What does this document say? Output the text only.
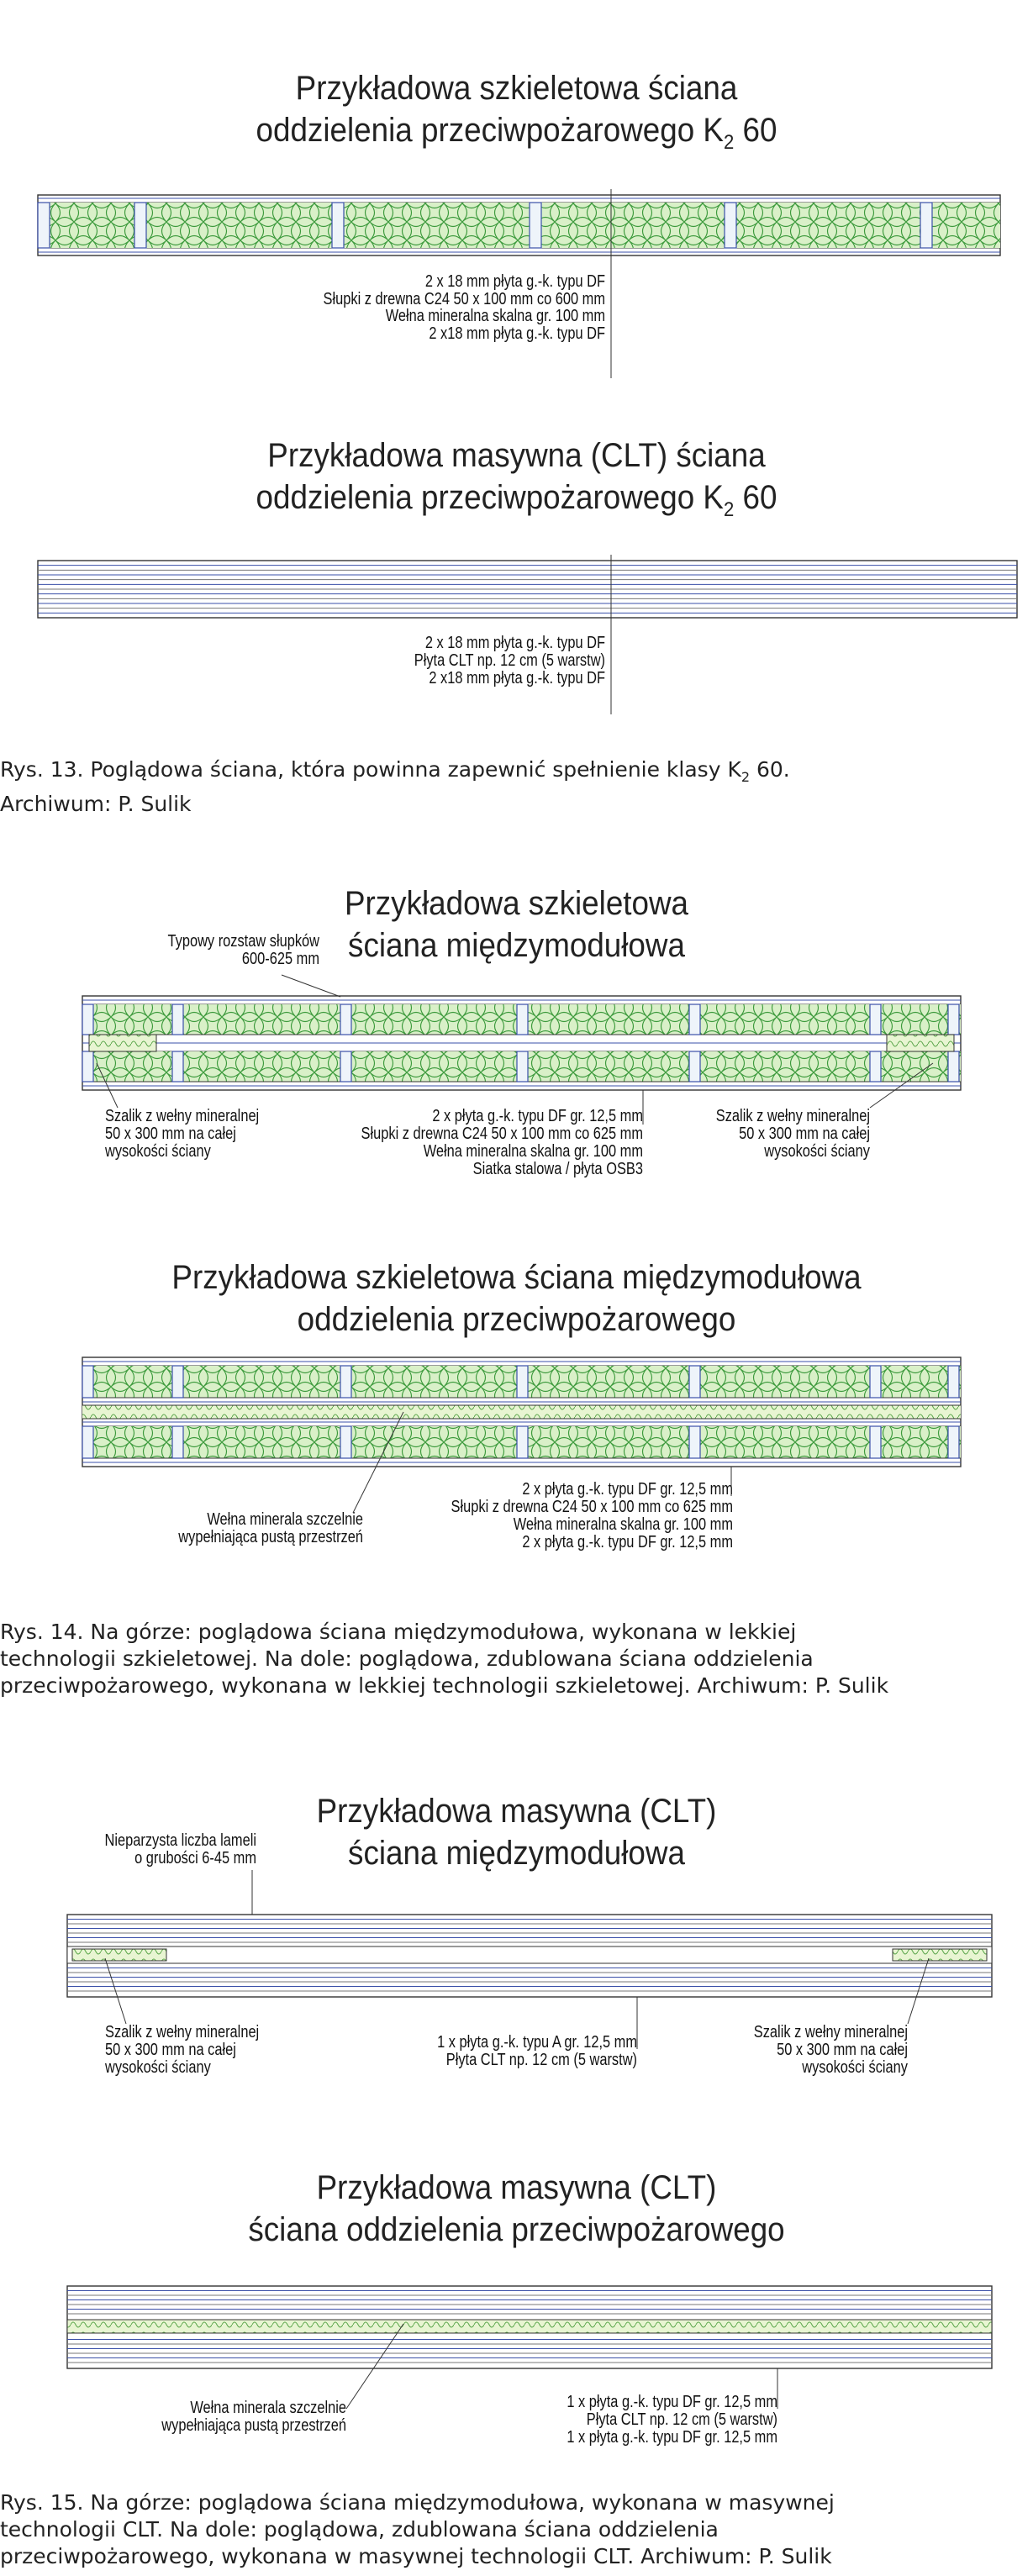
Przykładowa szkieletowa ściana
oddzielenia przeciwpożarowego $K_2$ 60
2 x 18 mm płyta g.-k. typu DF
Słupki z drewna C24 50 x 100 mm co 600 mm
Wełna mineralna skalna gr. 100 mm
2 x18 mm płyta g.-k. typu DF
Przykładowa masywna (CLT) ściana
oddzielenia przeciwpożarowego $K_2$ 60
2 x 18 mm płyta g.-k. typu DF
Płyta CLT np. 12 cm (5 warstw)
2 x18 mm płyta g.-k. typu DF
Rys. 13. Poglądowa ściana, która powinna zapewnić spełnienie klasy $K_2$ 60.
Archiwum: P. Sulik
Przykładowa szkieletowa
ściana międzymodułowa
Typowy rozstaw słupków
600-625 mm
Szalik z wełny mineralnej
50 x 300 mm na całej
wysokości ściany
2 x płyta g.-k. typu DF gr. 12,5 mm
Słupki z drewna C24 50 x 100 mm co 625 mm
Wełna mineralna skalna gr. 100 mm
Siatka stalowa / płyta OSB3
Szalik z wełny mineralnej
50 x 300 mm na całej
wysokości ściany
Przykładowa szkieletowa ściana międzymodułowa
oddzielenia przeciwpożarowego
Wełna minerala szczelnie
wypełniająca pustą przestrzeń
2 x płyta g.-k. typu DF gr. 12,5 mm
Słupki z drewna C24 50 x 100 mm co 625 mm
Wełna mineralna skalna gr. 100 mm
2 x płyta g.-k. typu DF gr. 12,5 mm
Rys. 14. Na górze: poglądowa ściana międzymodułowa, wykonana w lekkiej
technologii szkieletowej. Na dole: poglądowa, zdublowana ściana oddzielenia
przeciwpożarowego, wykonana w lekkiej technologii szkieletowej. Archiwum: P. Sulik
Przykładowa masywna (CLT)
ściana międzymodułowa
Nieparzysta liczba lameli
o grubości 6-45 mm
Szalik z wełny mineralnej
50 x 300 mm na całej
wysokości ściany
1 x płyta g.-k. typu A gr. 12,5 mm
Płyta CLT np. 12 cm (5 warstw)
Szalik z wełny mineralnej
50 x 300 mm na całej
wysokości ściany
Przykładowa masywna (CLT)
ściana oddzielenia przeciwpożarowego
Wełna minerala szczelnie
wypełniająca pustą przestrzeń
1 x płyta g.-k. typu DF gr. 12,5 mm
Płyta CLT np. 12 cm (5 warstw)
1 x płyta g.-k. typu DF gr. 12,5 mm
Rys. 15. Na górze: poglądowa ściana międzymodułowa, wykonana w masywnej
technologii CLT. Na dole: poglądowa, zdublowana ściana oddzielenia
przeciwpożarowego, wykonana w masywnej technologii CLT. Archiwum: P. Sulik
